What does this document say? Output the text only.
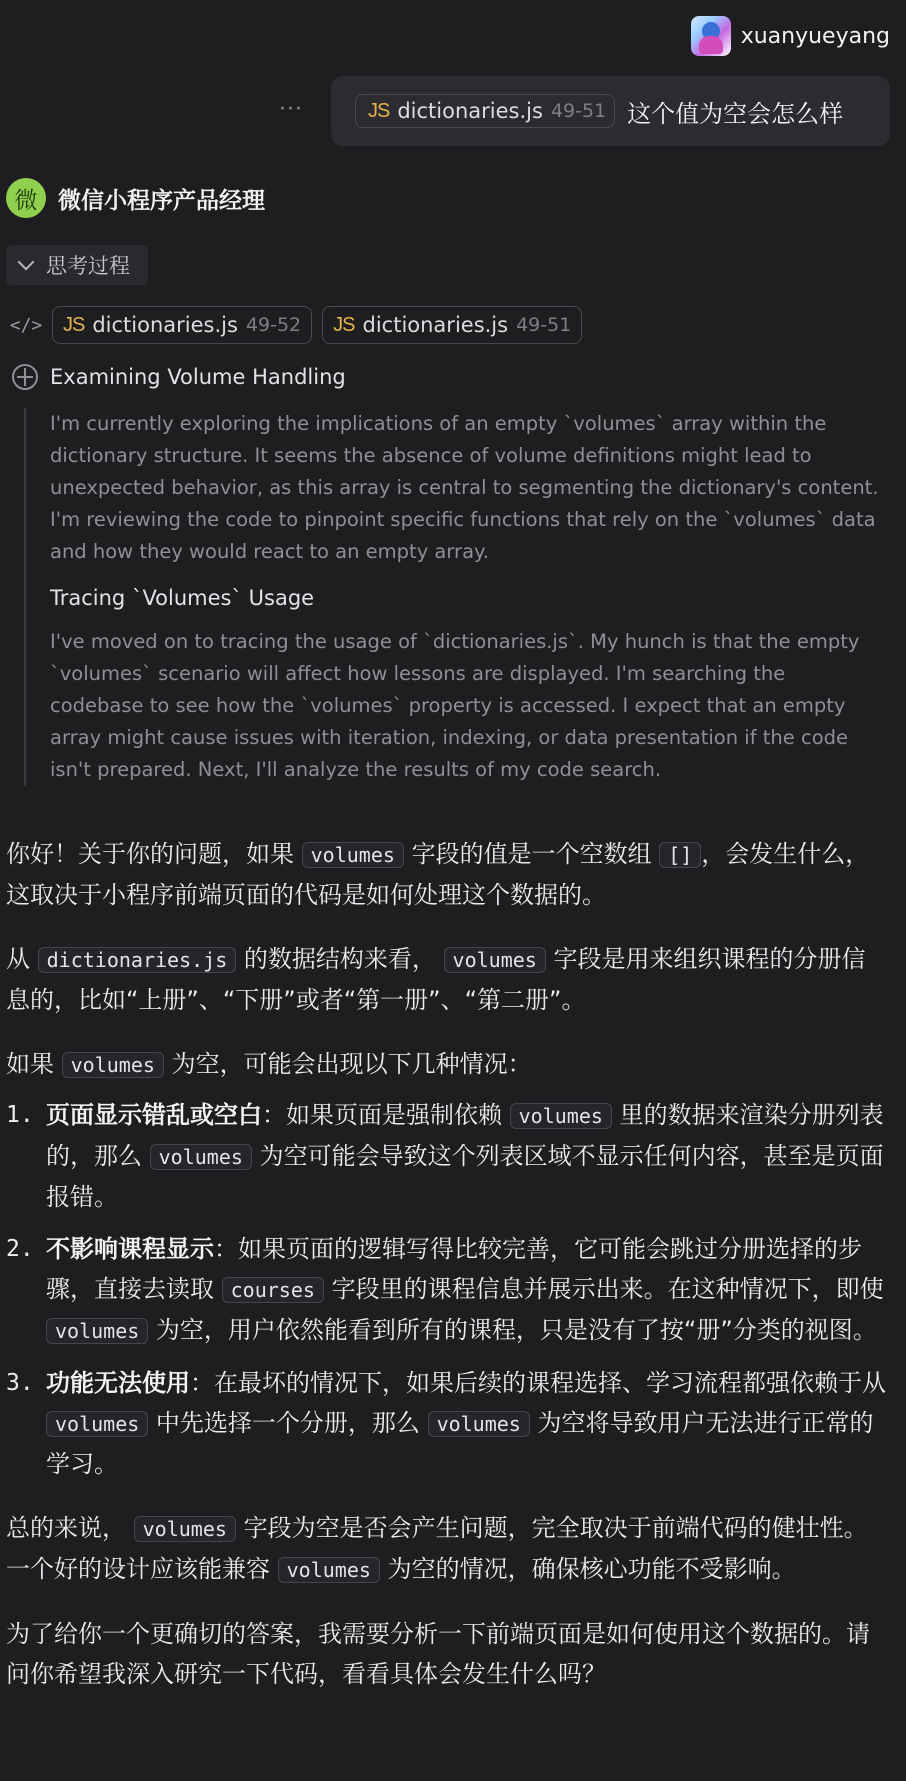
xuanyueyang
···	JS dictionaries.js 49-51 这个值为空会怎么样
微 微信小程序产品经理
思考过程
</> JS dictionaries.js 49-52 JS dictionaries.js 49-51
Examining Volume Handling

I'm currently exploring the implications of an empty `volumes` array within the dictionary structure. It seems the absence of volume definitions might lead to unexpected behavior, as this array is central to segmenting the dictionary's content. I'm reviewing the code to pinpoint specific functions that rely on the `volumes` data and how they would react to an empty array.

Tracing `Volumes` Usage

I've moved on to tracing the usage of `dictionaries.js`. My hunch is that the empty `volumes` scenario will affect how lessons are displayed. I'm searching the codebase to see how the `volumes` property is accessed. I expect that an empty array might cause issues with iteration, indexing, or data presentation if the code isn't prepared. Next, I'll analyze the results of my code search.

你好！关于你的问题，如果 volumes 字段的值是一个空数组 [] ，会发生什么，这取决于小程序前端页面的代码是如何处理这个数据的。

从 dictionaries.js 的数据结构来看， volumes 字段是用来组织课程的分册信息的，比如“上册”、“下册”或者“第一册”、“第二册”。

如果 volumes 为空，可能会出现以下几种情况：

1. 页面显示错乱或空白：如果页面是强制依赖 volumes 里的数据来渲染分册列表的，那么 volumes 为空可能会导致这个列表区域不显示任何内容，甚至是页面报错。
2. 不影响课程显示：如果页面的逻辑写得比较完善，它可能会跳过分册选择的步骤，直接去读取 courses 字段里的课程信息并展示出来。在这种情况下，即使 volumes 为空，用户依然能看到所有的课程，只是没有了按“册”分类的视图。
3. 功能无法使用：在最坏的情况下，如果后续的课程选择、学习流程都强依赖于从 volumes 中先选择一个分册，那么 volumes 为空将导致用户无法进行正常的学习。

总的来说， volumes 字段为空是否会产生问题，完全取决于前端代码的健壮性。一个好的设计应该能兼容 volumes 为空的情况，确保核心功能不受影响。

为了给你一个更确切的答案，我需要分析一下前端页面是如何使用这个数据的。请问你希望我深入研究一下代码，看看具体会发生什么吗？
